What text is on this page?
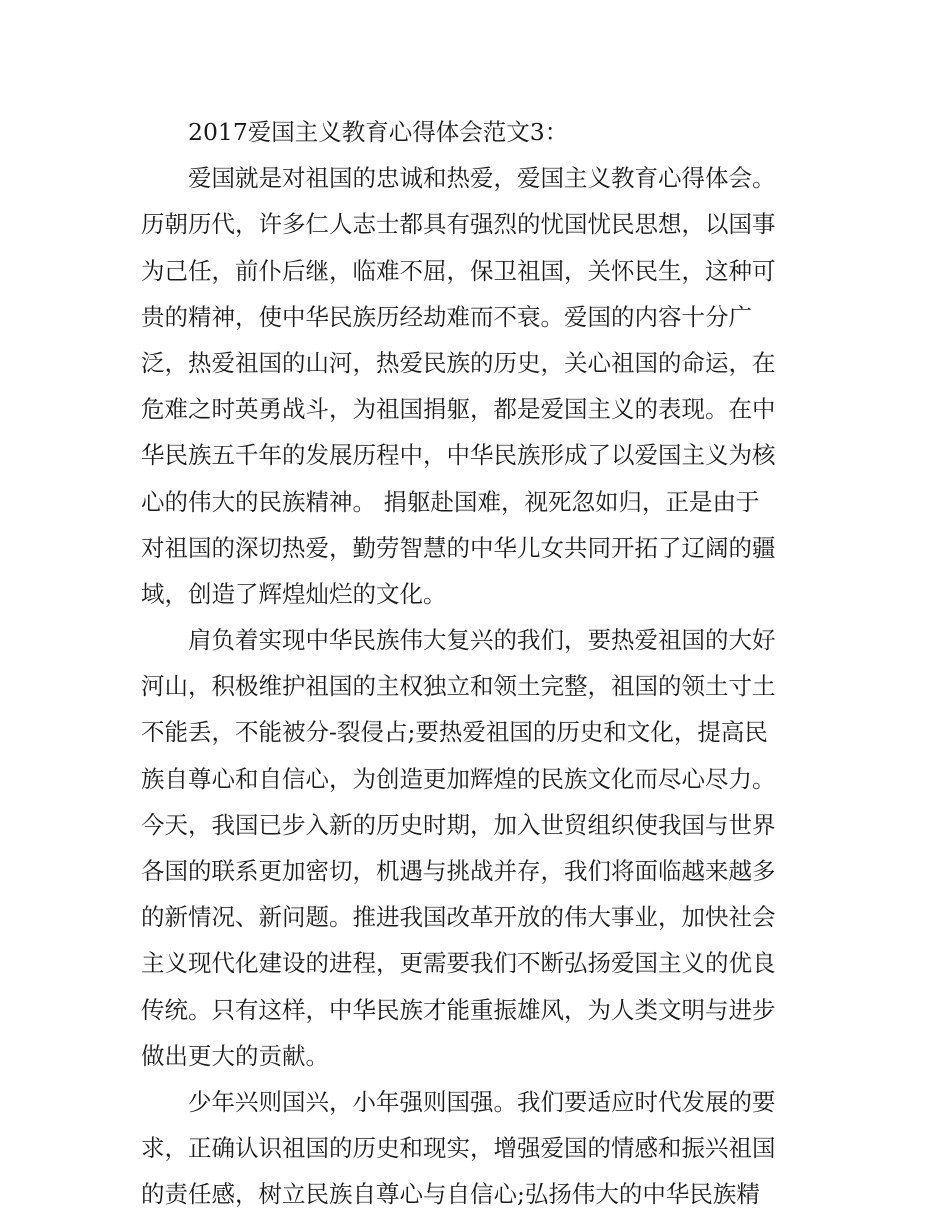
2017爱国主义教育心得体会范文3：
爱国就是对祖国的忠诚和热爱，爱国主义教育心得体会。
历朝历代，许多仁人志士都具有强烈的忧国忧民思想，以国事
为己任，前仆后继，临难不屈，保卫祖国，关怀民生，这种可
贵的精神，使中华民族历经劫难而不衰。爱国的内容十分广
泛，热爱祖国的山河，热爱民族的历史，关心祖国的命运，在
危难之时英勇战斗，为祖国捐躯，都是爱国主义的表现。在中
华民族五千年的发展历程中，中华民族形成了以爱国主义为核
心的伟大的民族精神。 捐躯赴国难，视死忽如归，正是由于
对祖国的深切热爱，勤劳智慧的中华儿女共同开拓了辽阔的疆
域，创造了辉煌灿烂的文化。
肩负着实现中华民族伟大复兴的我们，要热爱祖国的大好
河山，积极维护祖国的主权独立和领土完整，祖国的领土寸土
不能丢，不能被分-裂侵占;要热爱祖国的历史和文化，提高民
族自尊心和自信心，为创造更加辉煌的民族文化而尽心尽力。
今天，我国已步入新的历史时期，加入世贸组织使我国与世界
各国的联系更加密切，机遇与挑战并存，我们将面临越来越多
的新情况、新问题。推进我国改革开放的伟大事业，加快社会
主义现代化建设的进程，更需要我们不断弘扬爱国主义的优良
传统。只有这样，中华民族才能重振雄风，为人类文明与进步
做出更大的贡献。
少年兴则国兴，小年强则国强。我们要适应时代发展的要
求，正确认识祖国的历史和现实，增强爱国的情感和振兴祖国
的责任感，树立民族自尊心与自信心;弘扬伟大的中华民族精
